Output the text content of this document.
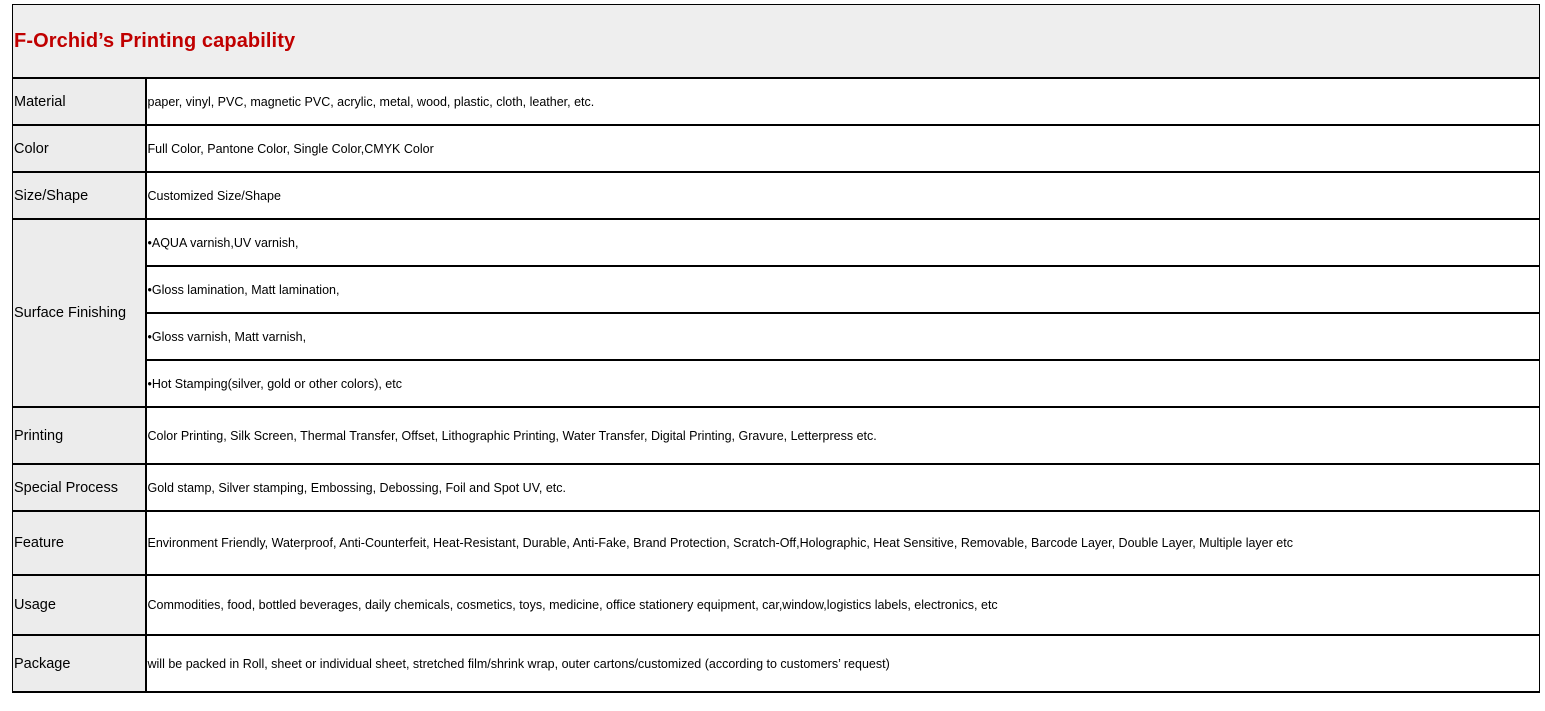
F-Orchid’s Printing capability	
Material	paper, vinyl, PVC, magnetic PVC, acrylic, metal, wood, plastic, cloth, leather, etc.
Color	Full Color, Pantone Color, Single Color,CMYK Color
Size/Shape	Customized Size/Shape
Surface Finishing	•AQUA varnish,UV varnish,
	•Gloss lamination, Matt lamination,
	•Gloss varnish, Matt varnish,
	•Hot Stamping(silver, gold or other colors), etc
Printing	Color Printing, Silk Screen, Thermal Transfer, Offset, Lithographic Printing, Water Transfer, Digital Printing, Gravure, Letterpress etc.
Special Process	Gold stamp, Silver stamping, Embossing, Debossing, Foil and Spot UV, etc.
Feature	Environment Friendly, Waterproof, Anti-Counterfeit, Heat-Resistant, Durable, Anti-Fake, Brand Protection, Scratch-Off,Holographic, Heat Sensitive, Removable, Barcode Layer, Double Layer, Multiple layer etc
Usage	Commodities, food, bottled beverages, daily chemicals, cosmetics, toys, medicine, office stationery equipment, car,window,logistics labels, electronics, etc
Package	will be packed in Roll, sheet or individual sheet, stretched film/shrink wrap, outer cartons/customized (according to customers’ request)
